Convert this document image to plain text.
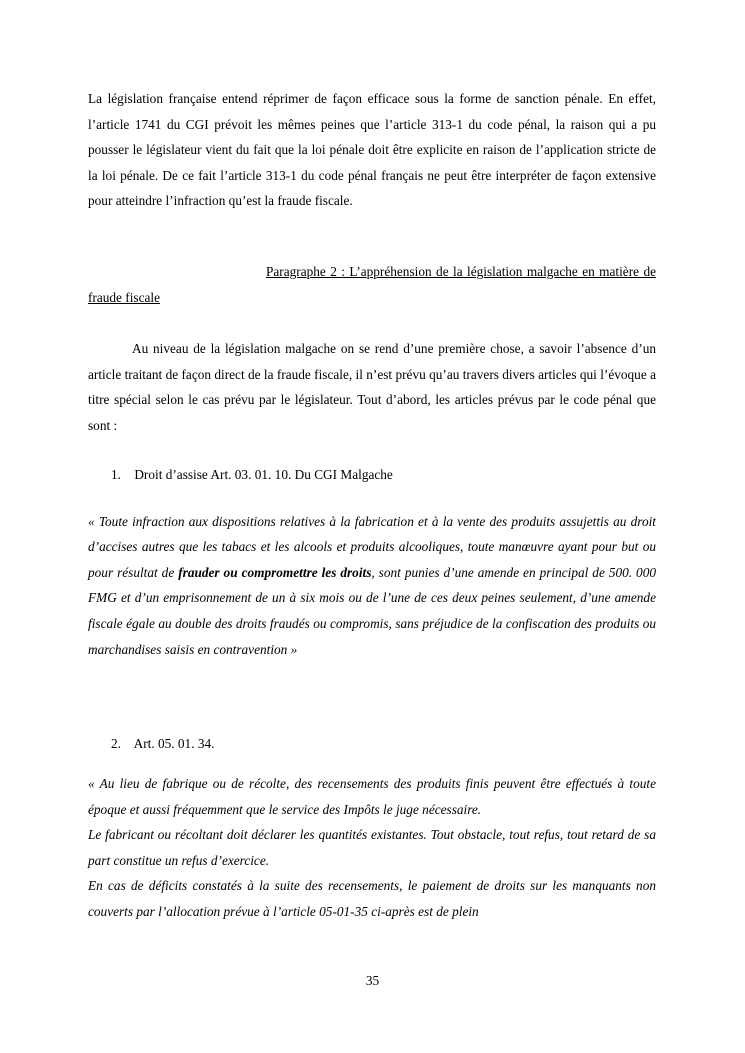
La législation française entend réprimer de façon efficace sous la forme de sanction pénale. En effet, l’article 1741 du CGI prévoit les mêmes peines que l’article 313-1 du code pénal, la raison qui a pu pousser le législateur vient du fait que la loi pénale doit être explicite en raison de l’application stricte de la loi pénale. De ce fait l’article 313-1 du code pénal français ne peut être interpréter de façon extensive pour atteindre l’infraction qu’est la fraude fiscale.

Paragraphe 2 : L’appréhension de la législation malgache en matière de fraude fiscale

Au niveau de la législation malgache on se rend d’une première chose, a savoir l’absence d’un article traitant de façon direct de la fraude fiscale, il n’est prévu qu’au travers divers articles qui l’évoque a titre spécial selon le cas prévu par le législateur. Tout d’abord, les articles prévus par le code pénal que sont :

1. Droit d’assise Art. 03. 01. 10. Du CGI Malgache

« Toute infraction aux dispositions relatives à la fabrication et à la vente des produits assujettis au droit d’accises autres que les tabacs et les alcools et produits alcooliques, toute manœuvre ayant pour but ou pour résultat de frauder ou compromettre les droits, sont punies d’une amende en principal de 500. 000 FMG et d’un emprisonnement de un à six mois ou de l’une de ces deux peines seulement, d’une amende fiscale égale au double des droits fraudés ou compromis, sans préjudice de la confiscation des produits ou marchandises saisis en contravention »

2. Art. 05. 01. 34.

« Au lieu de fabrique ou de récolte, des recensements des produits finis peuvent être effectués à toute époque et aussi fréquemment que le service des Impôts le juge nécessaire.

Le fabricant ou récoltant doit déclarer les quantités existantes. Tout obstacle, tout refus, tout retard de sa part constitue un refus d’exercice.

En cas de déficits constatés à la suite des recensements, le paiement de droits sur les manquants non couverts par l’allocation prévue à l’article 05-01-35 ci-après est de plein

35
